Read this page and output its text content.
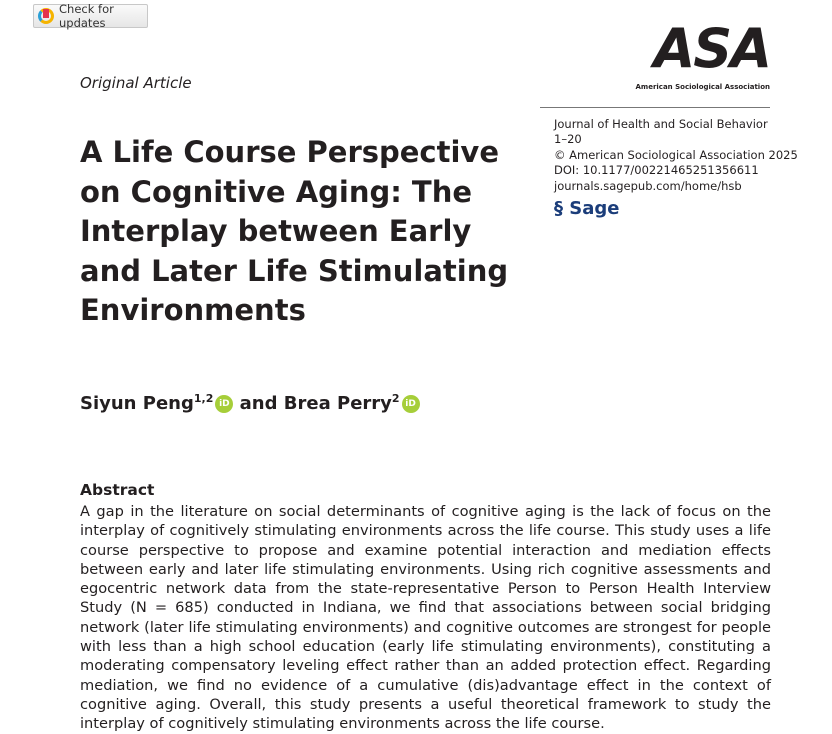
Check for updates
Original Article
A Life Course Perspective on Cognitive Aging: The Interplay between Early and Later Life Stimulating Environments
ASA
American Sociological Association
Journal of Health and Social Behavior
1–20
© American Sociological Association 2025
DOI: 10.1177/00221465251356611
journals.sagepub.com/home/hsb
§ Sage
Siyun Peng$^{1,2}$ iD and Brea Perry$^2$ iD
Abstract
A gap in the literature on social determinants of cognitive aging is the lack of focus on the interplay of cognitively stimulating environments across the life course. This study uses a life course perspective to propose and examine potential interaction and mediation effects between early and later life stimulating environments. Using rich cognitive assessments and egocentric network data from the state-representative Person to Person Health Interview Study (N = 685) conducted in Indiana, we find that associations between social bridging network (later life stimulating environments) and cognitive outcomes are strongest for people with less than a high school education (early life stimulating environments), constituting a moderating compensatory leveling effect rather than an added protection effect. Regarding mediation, we find no evidence of a cumulative (dis)advantage effect in the context of cognitive aging. Overall, this study presents a useful theoretical framework to study the interplay of cognitively stimulating environments across the life course.
